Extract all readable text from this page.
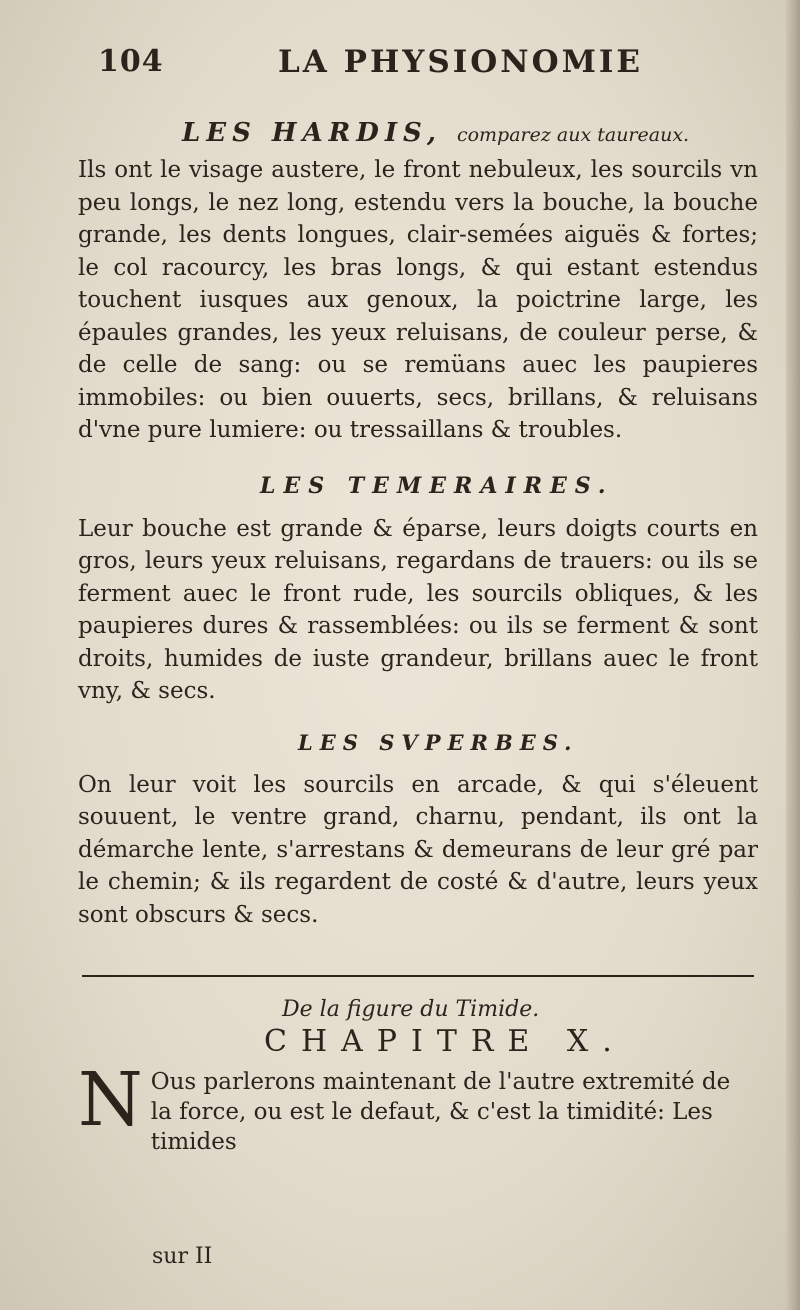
104	LA PHYSIONOMIE
LES HARDIS, comparez aux taureaux.

Ils ont le visage austere, le front nebuleux, les sourcils vn peu longs, le nez long, estendu vers la bouche, la bouche grande, les dents longues, clair-semées aiguës & fortes; le col racourcy, les bras longs, & qui estant estendus touchent iusques aux genoux, la poictrine large, les épaules grandes, les yeux reluisans, de couleur perse, & de celle de sang: ou se remüans auec les paupieres immobiles: ou bien ouuerts, secs, brillans, & reluisans d'vne pure lumiere: ou tressaillans & troubles.

LES TEMERAIRES.

Leur bouche est grande & éparse, leurs doigts courts en gros, leurs yeux reluisans, regardans de trauers: ou ils se ferment auec le front rude, les sourcils obliques, & les paupieres dures & rassemblées: ou ils se ferment & sont droits, humides de iuste grandeur, brillans auec le front vny, & secs.

LES SVPERBES.

On leur voit les sourcils en arcade, & qui s'éleuent souuent, le ventre grand, charnu, pendant, ils ont la démarche lente, s'arrestans & demeurans de leur gré par le chemin; & ils regardent de costé & d'autre, leurs yeux sont obscurs & secs.

De la figure du Timide.
CHAPITRE X.
N Ous parlerons maintenant de l'autre extremité de la force, ou est le defaut, & c'est la timidité: Les timides
sur II
